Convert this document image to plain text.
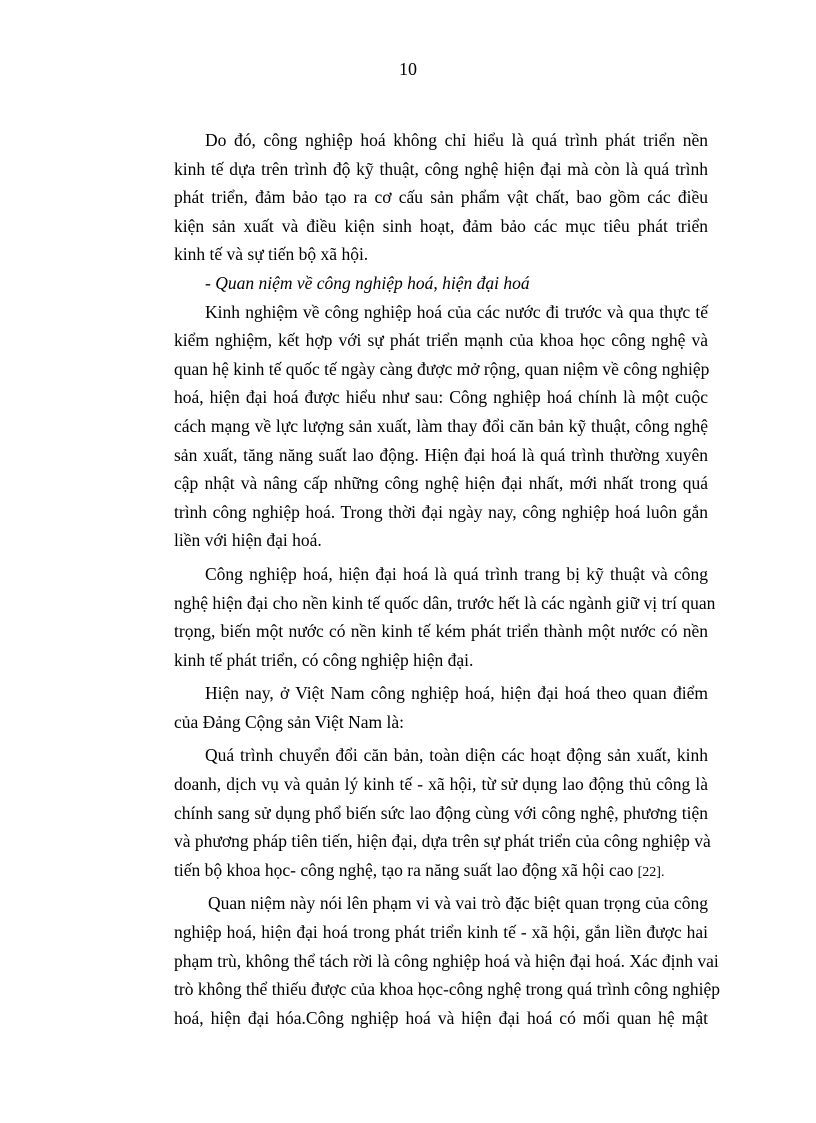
10
Do đó, công nghiệp hoá không chỉ hiểu là quá trình phát triển nền
kinh tế dựa trên trình độ kỹ thuật, công nghệ hiện đại mà còn là quá trình
phát triển, đảm bảo tạo ra cơ cấu sản phẩm vật chất, bao gồm các điều
kiện sản xuất và điều kiện sinh hoạt, đảm bảo các mục tiêu phát triển
kinh tế và sự tiến bộ xã hội.
- Quan niệm về công nghiệp hoá, hiện đại hoá
Kinh nghiệm về công nghiệp hoá của các nước đi trước và qua thực tế
kiểm nghiệm, kết hợp với sự phát triển mạnh của khoa học công nghệ và
quan hệ kinh tế quốc tế ngày càng được mở rộng, quan niệm về công nghiệp
hoá, hiện đại hoá được hiểu như sau: Công nghiệp hoá chính là một cuộc
cách mạng về lực lượng sản xuất, làm thay đổi căn bản kỹ thuật, công nghệ
sản xuất, tăng năng suất lao động. Hiện đại hoá là quá trình thường xuyên
cập nhật và nâng cấp những công nghệ hiện đại nhất, mới nhất trong quá
trình công nghiệp hoá. Trong thời đại ngày nay, công nghiệp hoá luôn gắn
liền với hiện đại hoá.
Công nghiệp hoá, hiện đại hoá là quá trình trang bị kỹ thuật và công
nghệ hiện đại cho nền kinh tế quốc dân, trước hết là các ngành giữ vị trí quan
trọng, biến một nước có nền kinh tế kém phát triển thành một nước có nền
kinh tế phát triển, có công nghiệp hiện đại.
Hiện nay, ở Việt Nam công nghiệp hoá, hiện đại hoá theo quan điểm
của Đảng Cộng sản Việt Nam là:
Quá trình chuyển đổi căn bản, toàn diện các hoạt động sản xuất, kinh
doanh, dịch vụ và quản lý kinh tế - xã hội, từ sử dụng lao động thủ công là
chính sang sử dụng phổ biến sức lao động cùng với công nghệ, phương tiện
và phương pháp tiên tiến, hiện đại, dựa trên sự phát triển của công nghiệp và
tiến bộ khoa học- công nghệ, tạo ra năng suất lao động xã hội cao [22].
Quan niệm này nói lên phạm vi và vai trò đặc biệt quan trọng của công
nghiệp hoá, hiện đại hoá trong phát triển kinh tế - xã hội, gắn liền được hai
phạm trù, không thể tách rời là công nghiệp hoá và hiện đại hoá. Xác định vai
trò không thể thiếu được của khoa học-công nghệ trong quá trình công nghiệp
hoá, hiện đại hóa.Công nghiệp hoá và hiện đại hoá có mối quan hệ mật
